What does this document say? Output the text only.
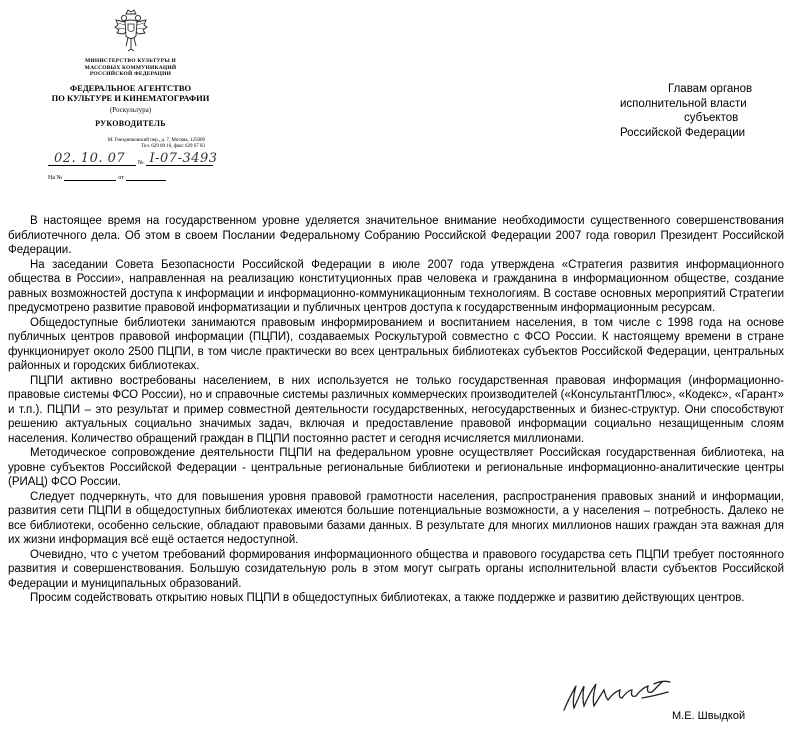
МИНИСТЕРСТВО КУЛЬТУРЫ И
МАССОВЫХ КОММУНИКАЦИЙ
РОССИЙСКОЙ ФЕДЕРАЦИИ
ФЕДЕРАЛЬНОЕ АГЕНТСТВО
ПО КУЛЬТУРЕ И КИНЕМАТОГРАФИИ
(Роскультура)
РУКОВОДИТЕЛЬ
М. Гнездниковский пер., д. 7, Москва, 125009
Тел. 629 00 16, факс 629 67 83
02. 10. 07	№ I-07-3493
На №	от
Главам органов
исполнительной власти
субъектов
Российской Федерации

В настоящее время на государственном уровне уделяется значительное внимание необходимости существенного совершенствования библиотечного дела. Об этом в своем Послании Федеральному Собранию Российской Федерации 2007 года говорил Президент Российской Федерации.

На заседании Совета Безопасности Российской Федерации в июле 2007 года утверждена «Стратегия развития информационного общества в России», направленная на реализацию конституционных прав человека и гражданина в информационном обществе, создание равных возможностей доступа к информации и информационно-коммуникационным технологиям. В составе основных мероприятий Стратегии предусмотрено развитие правовой информатизации и публичных центров доступа к государственным информационным ресурсам.

Общедоступные библиотеки занимаются правовым информированием и воспитанием населения, в том числе с 1998 года на основе публичных центров правовой информации (ПЦПИ), создаваемых Роскультурой совместно с ФСО России. К настоящему времени в стране функционирует около 2500 ПЦПИ, в том числе практически во всех центральных библиотеках субъектов Российской Федерации, центральных районных и городских библиотеках.

ПЦПИ активно востребованы населением, в них используется не только государственная правовая информация (информационно-правовые системы ФСО России), но и справочные системы различных коммерческих производителей («КонсультантПлюс», «Кодекс», «Гарант» и т.п.). ПЦПИ – это результат и пример совместной деятельности государственных, негосударственных и бизнес-структур. Они способствуют решению актуальных социально значимых задач, включая и предоставление правовой информации социально незащищенным слоям населения. Количество обращений граждан в ПЦПИ постоянно растет и сегодня исчисляется миллионами.

Методическое сопровождение деятельности ПЦПИ на федеральном уровне осуществляет Российская государственная библиотека, на уровне субъектов Российской Федерации - центральные региональные библиотеки и региональные информационно-аналитические центры (РИАЦ) ФСО России.

Следует подчеркнуть, что для повышения уровня правовой грамотности населения, распространения правовых знаний и информации, развития сети ПЦПИ в общедоступных библиотеках имеются большие потенциальные возможности, а у населения – потребность. Далеко не все библиотеки, особенно сельские, обладают правовыми базами данных. В результате для многих миллионов наших граждан эта важная для их жизни информация всё ещё остается недоступной.

Очевидно, что с учетом требований формирования информационного общества и правового государства сеть ПЦПИ требует постоянного развития и совершенствования. Большую созидательную роль в этом могут сыграть органы исполнительной власти субъектов Российской Федерации и муниципальных образований.

Просим содействовать открытию новых ПЦПИ в общедоступных библиотеках, а также поддержке и развитию действующих центров.

М.Е. Швыдкой
